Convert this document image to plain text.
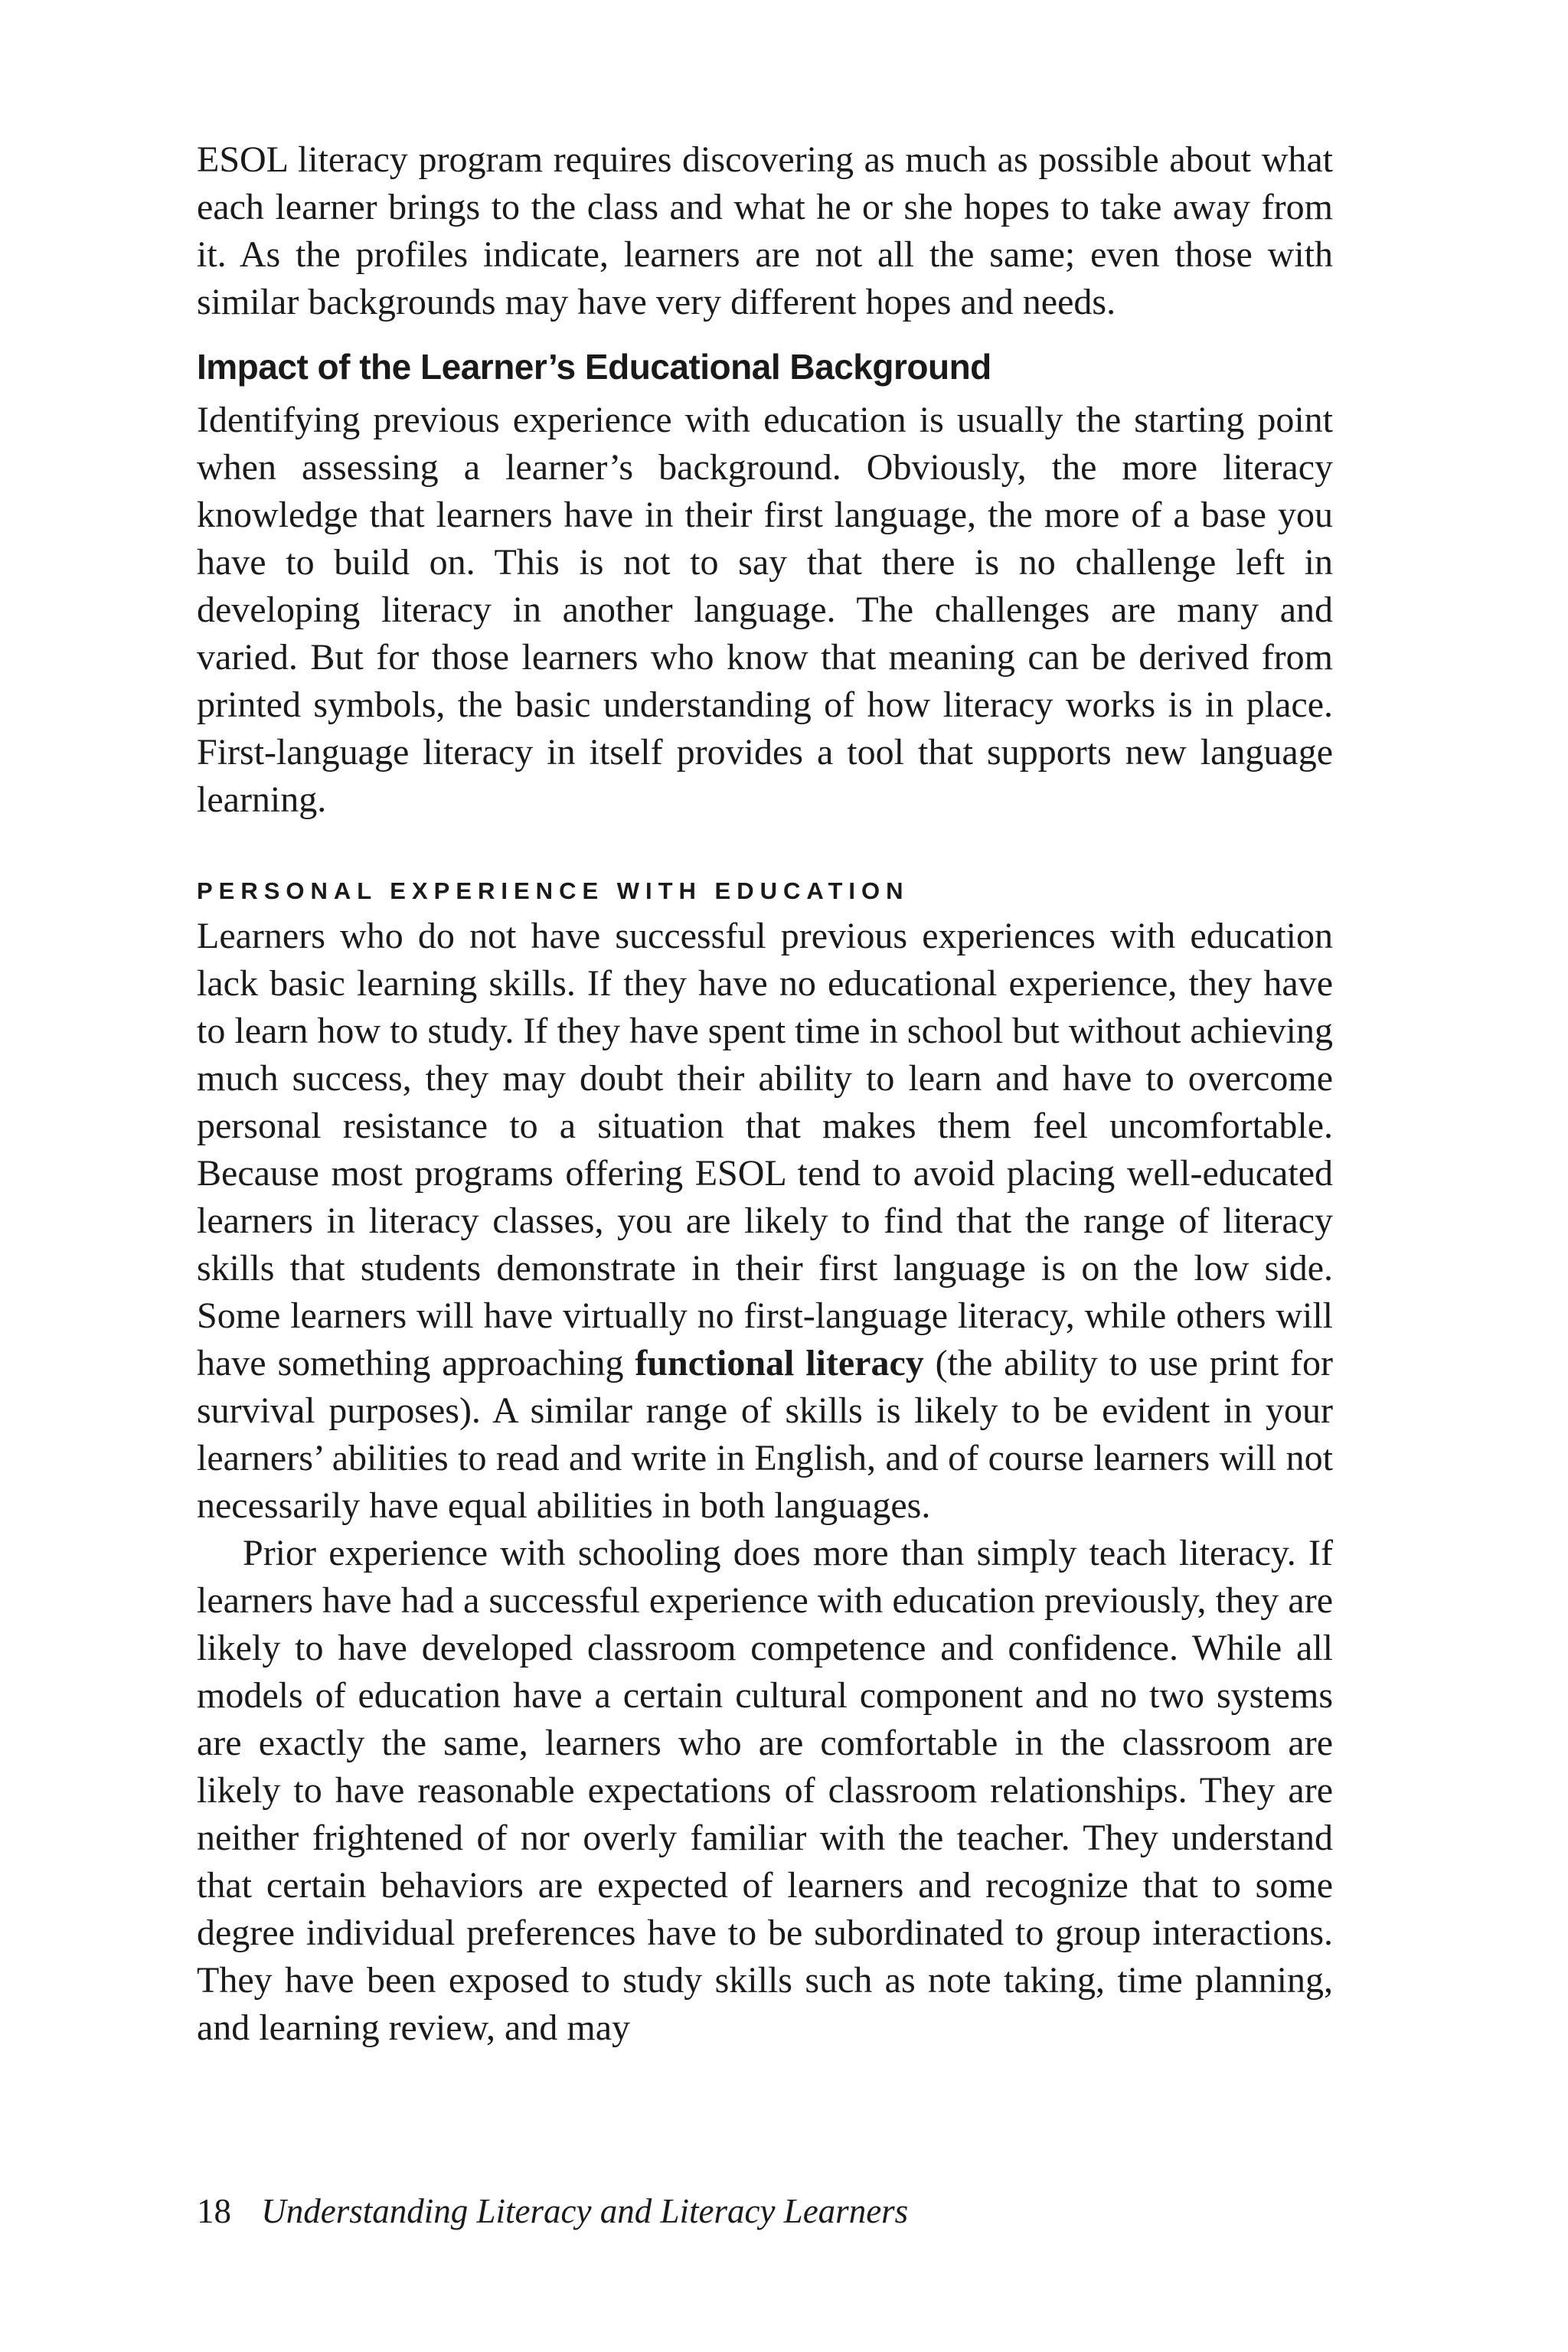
ESOL literacy program requires discovering as much as possible about what each learner brings to the class and what he or she hopes to take away from it. As the profiles indicate, learners are not all the same; even those with similar backgrounds may have very different hopes and needs.

Impact of the Learner’s Educational Background

Identifying previous experience with education is usually the starting point when assessing a learner’s background. Obviously, the more literacy knowledge that learners have in their first language, the more of a base you have to build on. This is not to say that there is no challenge left in developing literacy in another language. The challenges are many and varied. But for those learners who know that meaning can be derived from printed symbols, the basic understanding of how literacy works is in place. First-language literacy in itself provides a tool that supports new language learning.

PERSONAL EXPERIENCE WITH EDUCATION

Learners who do not have successful previous experiences with education lack basic learning skills. If they have no educational experience, they have to learn how to study. If they have spent time in school but without achieving much success, they may doubt their ability to learn and have to overcome personal resistance to a situation that makes them feel uncomfortable. Because most programs offering ESOL tend to avoid placing well-educated learners in literacy classes, you are likely to find that the range of literacy skills that students demonstrate in their first language is on the low side. Some learners will have virtually no first-language literacy, while others will have something approaching functional literacy (the ability to use print for survival purposes). A similar range of skills is likely to be evident in your learners’ abilities to read and write in English, and of course learners will not necessarily have equal abilities in both languages.

Prior experience with schooling does more than simply teach literacy. If learners have had a successful experience with education previously, they are likely to have developed classroom competence and confidence. While all models of education have a certain cultural component and no two systems are exactly the same, learners who are comfortable in the classroom are likely to have reasonable expectations of classroom relationships. They are neither frightened of nor overly familiar with the teacher. They understand that certain behaviors are expected of learners and recognize that to some degree individual preferences have to be subordinated to group interactions. They have been exposed to study skills such as note taking, time planning, and learning review, and may

18 Understanding Literacy and Literacy Learners
